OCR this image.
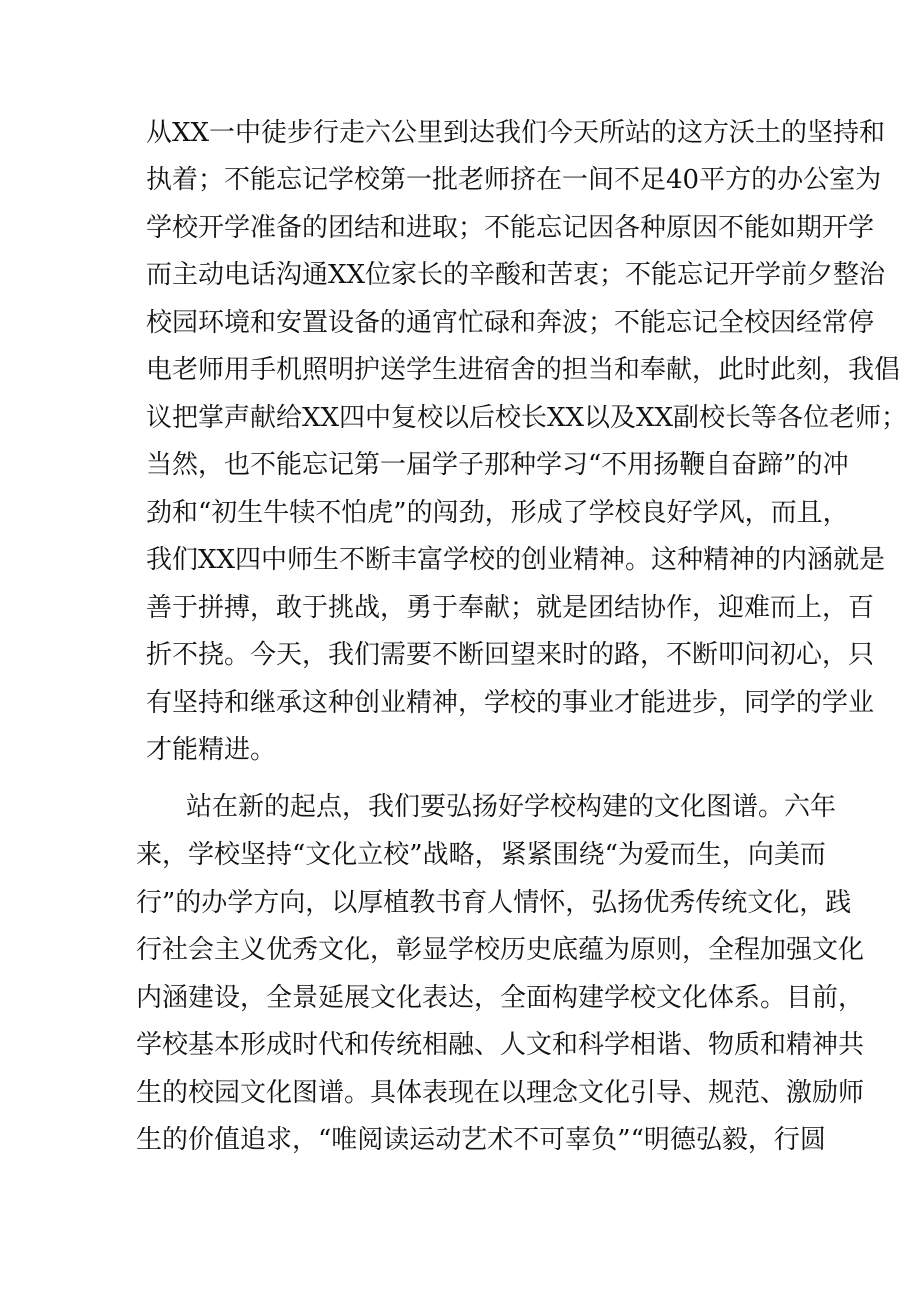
从XX一中徒步行走六公里到达我们今天所站的这方沃土的坚持和
执着；不能忘记学校第一批老师挤在一间不足40平方的办公室为
学校开学准备的团结和进取；不能忘记因各种原因不能如期开学
而主动电话沟通XX位家长的辛酸和苦衷；不能忘记开学前夕整治
校园环境和安置设备的通宵忙碌和奔波；不能忘记全校因经常停
电老师用手机照明护送学生进宿舍的担当和奉献，此时此刻，我倡
议把掌声献给XX四中复校以后校长XX以及XX副校长等各位老师；
当然，也不能忘记第一届学子那种学习“不用扬鞭自奋蹄”的冲
劲和“初生牛犊不怕虎”的闯劲，形成了学校良好学风，而且，
我们XX四中师生不断丰富学校的创业精神。这种精神的内涵就是
善于拼搏，敢于挑战，勇于奉献；就是团结协作，迎难而上，百
折不挠。今天，我们需要不断回望来时的路，不断叩问初心，只
有坚持和继承这种创业精神，学校的事业才能进步，同学的学业
才能精进。
站在新的起点，我们要弘扬好学校构建的文化图谱。六年
来，学校坚持“文化立校”战略，紧紧围绕“为爱而生，向美而
行”的办学方向，以厚植教书育人情怀，弘扬优秀传统文化，践
行社会主义优秀文化，彰显学校历史底蕴为原则，全程加强文化
内涵建设，全景延展文化表达，全面构建学校文化体系。目前，
学校基本形成时代和传统相融、人文和科学相谐、物质和精神共
生的校园文化图谱。具体表现在以理念文化引导、规范、激励师
生的价值追求，“唯阅读运动艺术不可辜负”“明德弘毅，行圆
